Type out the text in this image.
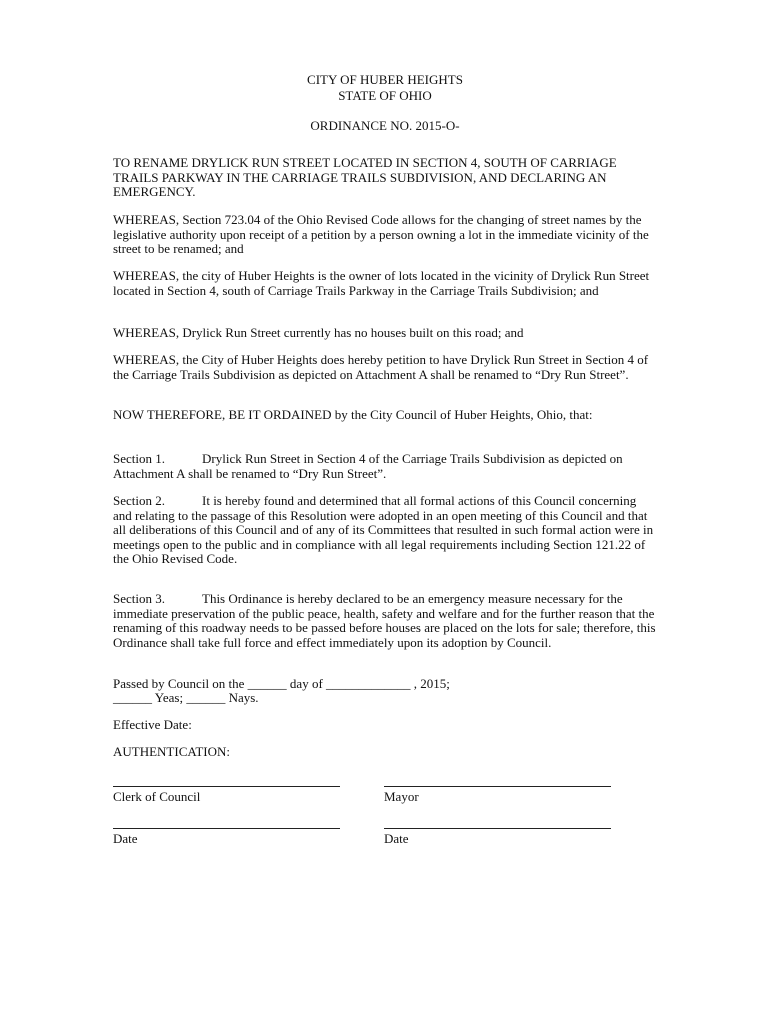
CITY OF HUBER HEIGHTS
STATE OF OHIO
ORDINANCE NO. 2015-O-

TO RENAME DRYLICK RUN STREET LOCATED IN SECTION 4, SOUTH OF CARRIAGE TRAILS PARKWAY IN THE CARRIAGE TRAILS SUBDIVISION, AND DECLARING AN EMERGENCY.

WHEREAS, Section 723.04 of the Ohio Revised Code allows for the changing of street names by the legislative authority upon receipt of a petition by a person owning a lot in the immediate vicinity of the street to be renamed; and

WHEREAS, the city of Huber Heights is the owner of lots located in the vicinity of Drylick Run Street located in Section 4, south of Carriage Trails Parkway in the Carriage Trails Subdivision; and

WHEREAS, Drylick Run Street currently has no houses built on this road; and

WHEREAS, the City of Huber Heights does hereby petition to have Drylick Run Street in Section 4 of the Carriage Trails Subdivision as depicted on Attachment A shall be renamed to “Dry Run Street”.

NOW THEREFORE, BE IT ORDAINED by the City Council of Huber Heights, Ohio, that:

Section 1.	Drylick Run Street in Section 4 of the Carriage Trails Subdivision as depicted on Attachment A shall be renamed to “Dry Run Street”.

Section 2.	It is hereby found and determined that all formal actions of this Council concerning and relating to the passage of this Resolution were adopted in an open meeting of this Council and that all deliberations of this Council and of any of its Committees that resulted in such formal action were in meetings open to the public and in compliance with all legal requirements including Section 121.22 of the Ohio Revised Code.

Section 3.	This Ordinance is hereby declared to be an emergency measure necessary for the immediate preservation of the public peace, health, safety and welfare and for the further reason that the renaming of this roadway needs to be passed before houses are placed on the lots for sale; therefore, this Ordinance shall take full force and effect immediately upon its adoption by Council.

Passed by Council on the ______ day of _____________ , 2015;
______ Yeas; ______ Nays.
Effective Date:
AUTHENTICATION:
Clerk of Council	Mayor
Date	Date
